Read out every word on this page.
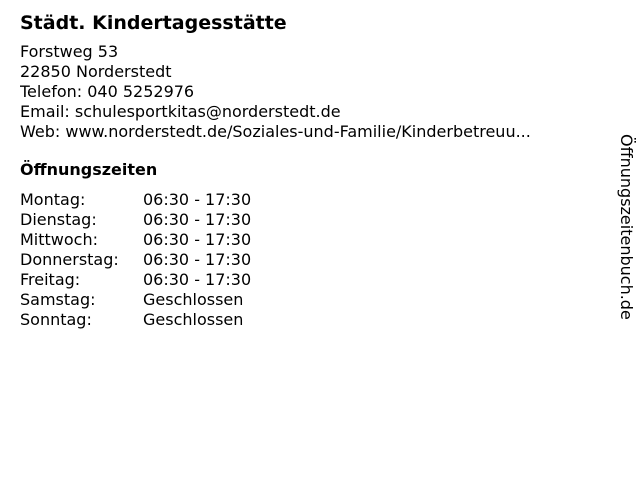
Städt. Kindertagesstätte
Forstweg 53
22850 Norderstedt
Telefon: 040 5252976
Email: schulesportkitas@norderstedt.de
Web: www.norderstedt.de/Soziales-und-Familie/Kinderbetreuu...
Öffnungszeiten
Montag:	06:30 - 17:30
Dienstag:	06:30 - 17:30
Mittwoch:	06:30 - 17:30
Donnerstag:	06:30 - 17:30
Freitag:	06:30 - 17:30
Samstag:	Geschlossen
Sonntag:	Geschlossen	Öffnungszeitenbuch.de
